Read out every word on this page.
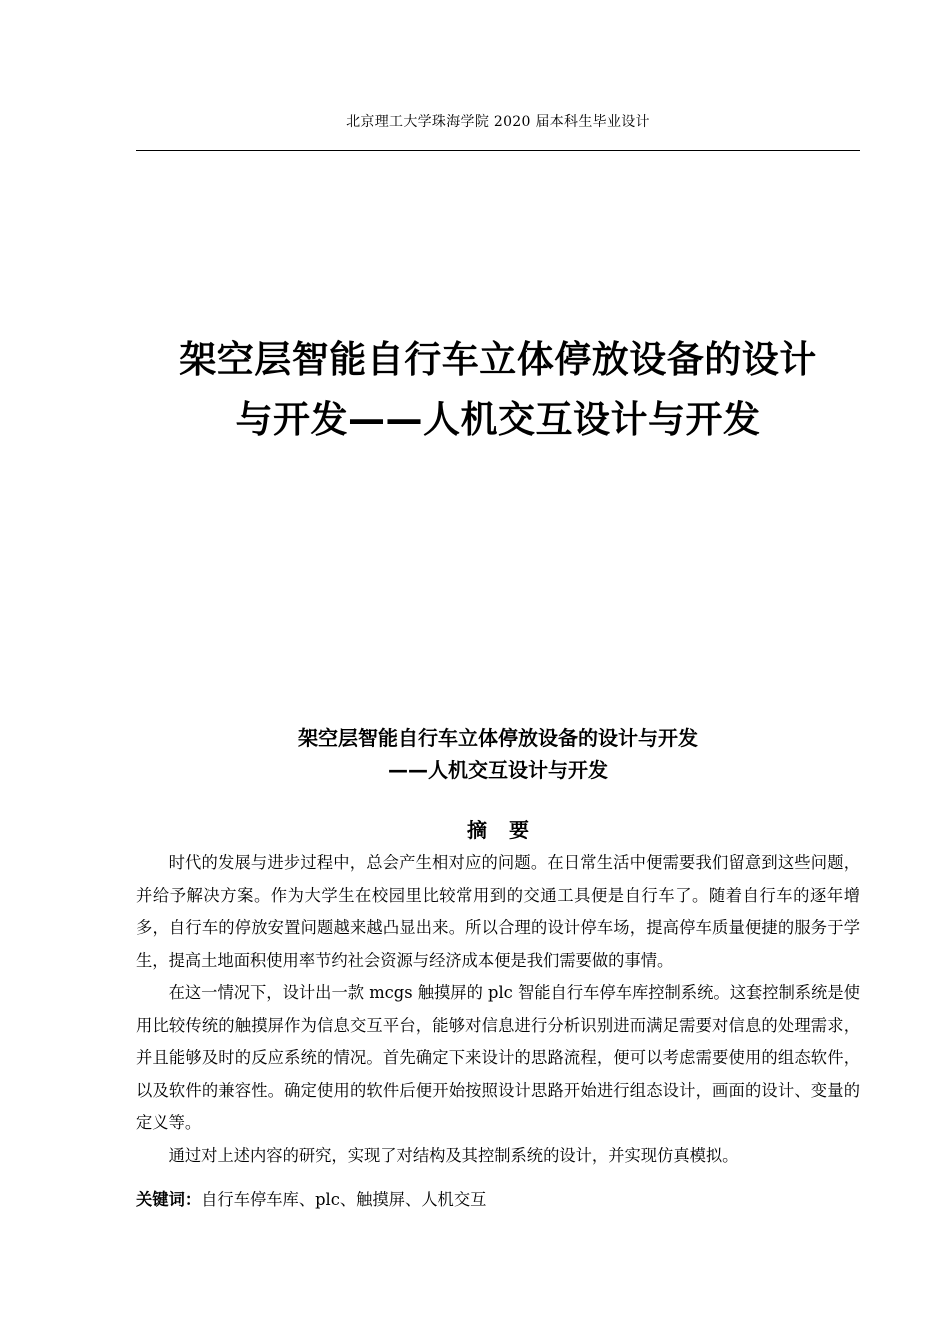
北京理工大学珠海学院 2020 届本科生毕业设计
架空层智能自行车立体停放设备的设计
与开发——人机交互设计与开发
架空层智能自行车立体停放设备的设计与开发
——人机交互设计与开发
摘要

时代的发展与进步过程中，总会产生相对应的问题。在日常生活中便需要我们留意到这些问题，并给予解决方案。作为大学生在校园里比较常用到的交通工具便是自行车了。随着自行车的逐年增多，自行车的停放安置问题越来越凸显出来。所以合理的设计停车场，提高停车质量便捷的服务于学生，提高土地面积使用率节约社会资源与经济成本便是我们需要做的事情。

在这一情况下，设计出一款 mcgs 触摸屏的 plc 智能自行车停车库控制系统。这套控制系统是使用比较传统的触摸屏作为信息交互平台，能够对信息进行分析识别进而满足需要对信息的处理需求，并且能够及时的反应系统的情况。首先确定下来设计的思路流程，便可以考虑需要使用的组态软件，以及软件的兼容性。确定使用的软件后便开始按照设计思路开始进行组态设计，画面的设计、变量的定义等。

通过对上述内容的研究，实现了对结构及其控制系统的设计，并实现仿真模拟。

关键词：自行车停车库、plc、触摸屏、人机交互
